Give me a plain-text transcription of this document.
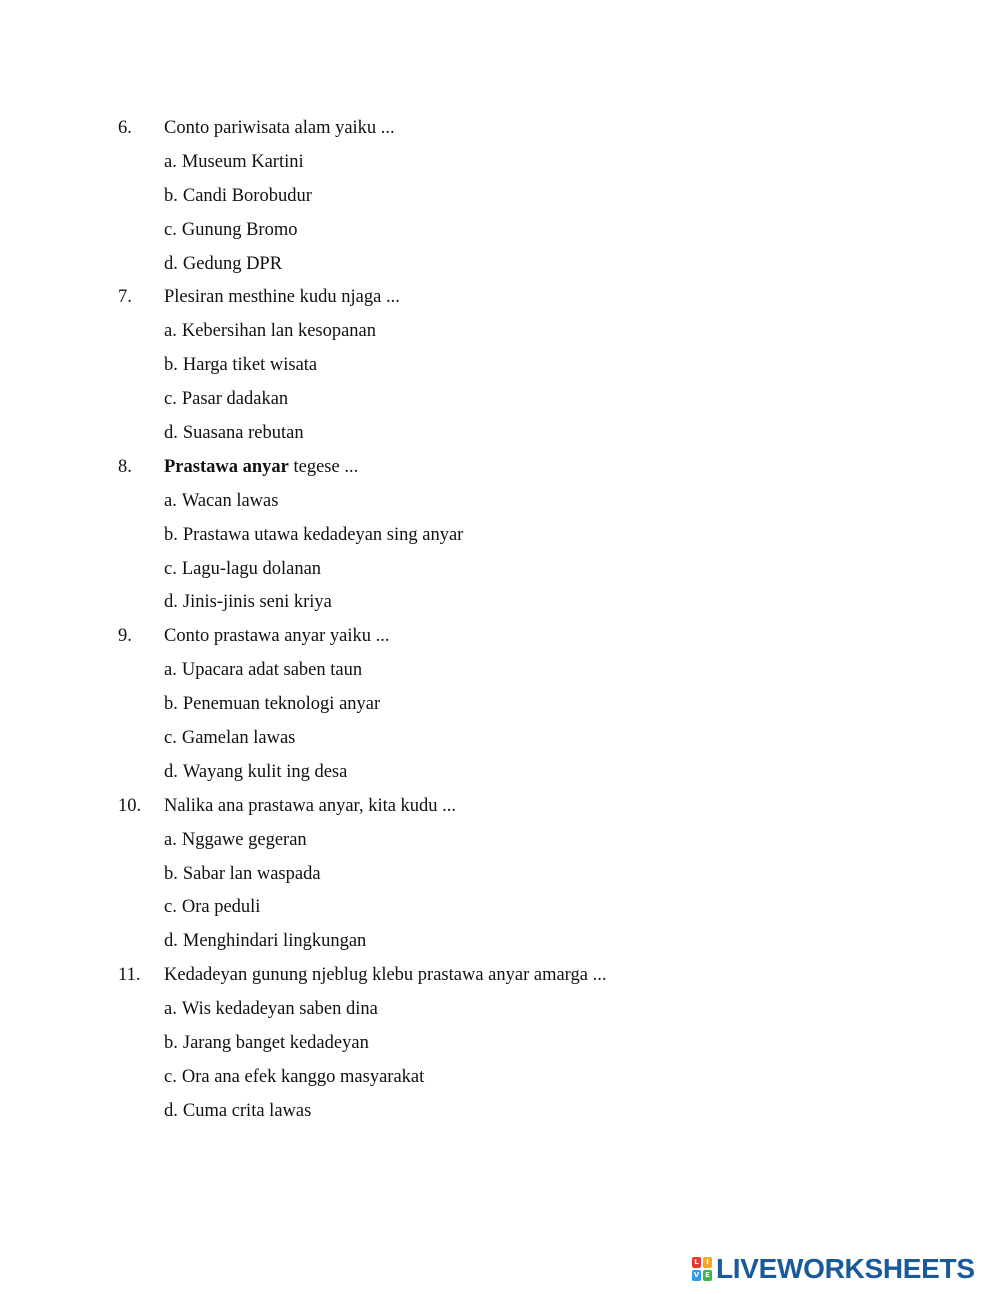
6. Conto pariwisata alam yaiku ...
a. Museum Kartini
b. Candi Borobudur
c. Gunung Bromo
d. Gedung DPR
7. Plesiran mesthine kudu njaga ...
a. Kebersihan lan kesopanan
b. Harga tiket wisata
c. Pasar dadakan
d. Suasana rebutan
8. Prastawa anyar tegese ...
a. Wacan lawas
b. Prastawa utawa kedadeyan sing anyar
c. Lagu-lagu dolanan
d. Jinis-jinis seni kriya
9. Conto prastawa anyar yaiku ...
a. Upacara adat saben taun
b. Penemuan teknologi anyar
c. Gamelan lawas
d. Wayang kulit ing desa
10. Nalika ana prastawa anyar, kita kudu ...
a. Nggawe gegeran
b. Sabar lan waspada
c. Ora peduli
d. Menghindari lingkungan
11. Kedadeyan gunung njeblug klebu prastawa anyar amarga ...
a. Wis kedadeyan saben dina
b. Jarang banget kedadeyan
c. Ora ana efek kanggo masyarakat
d. Cuma crita lawas
L	I
V E LIVEWORKSHEETS
